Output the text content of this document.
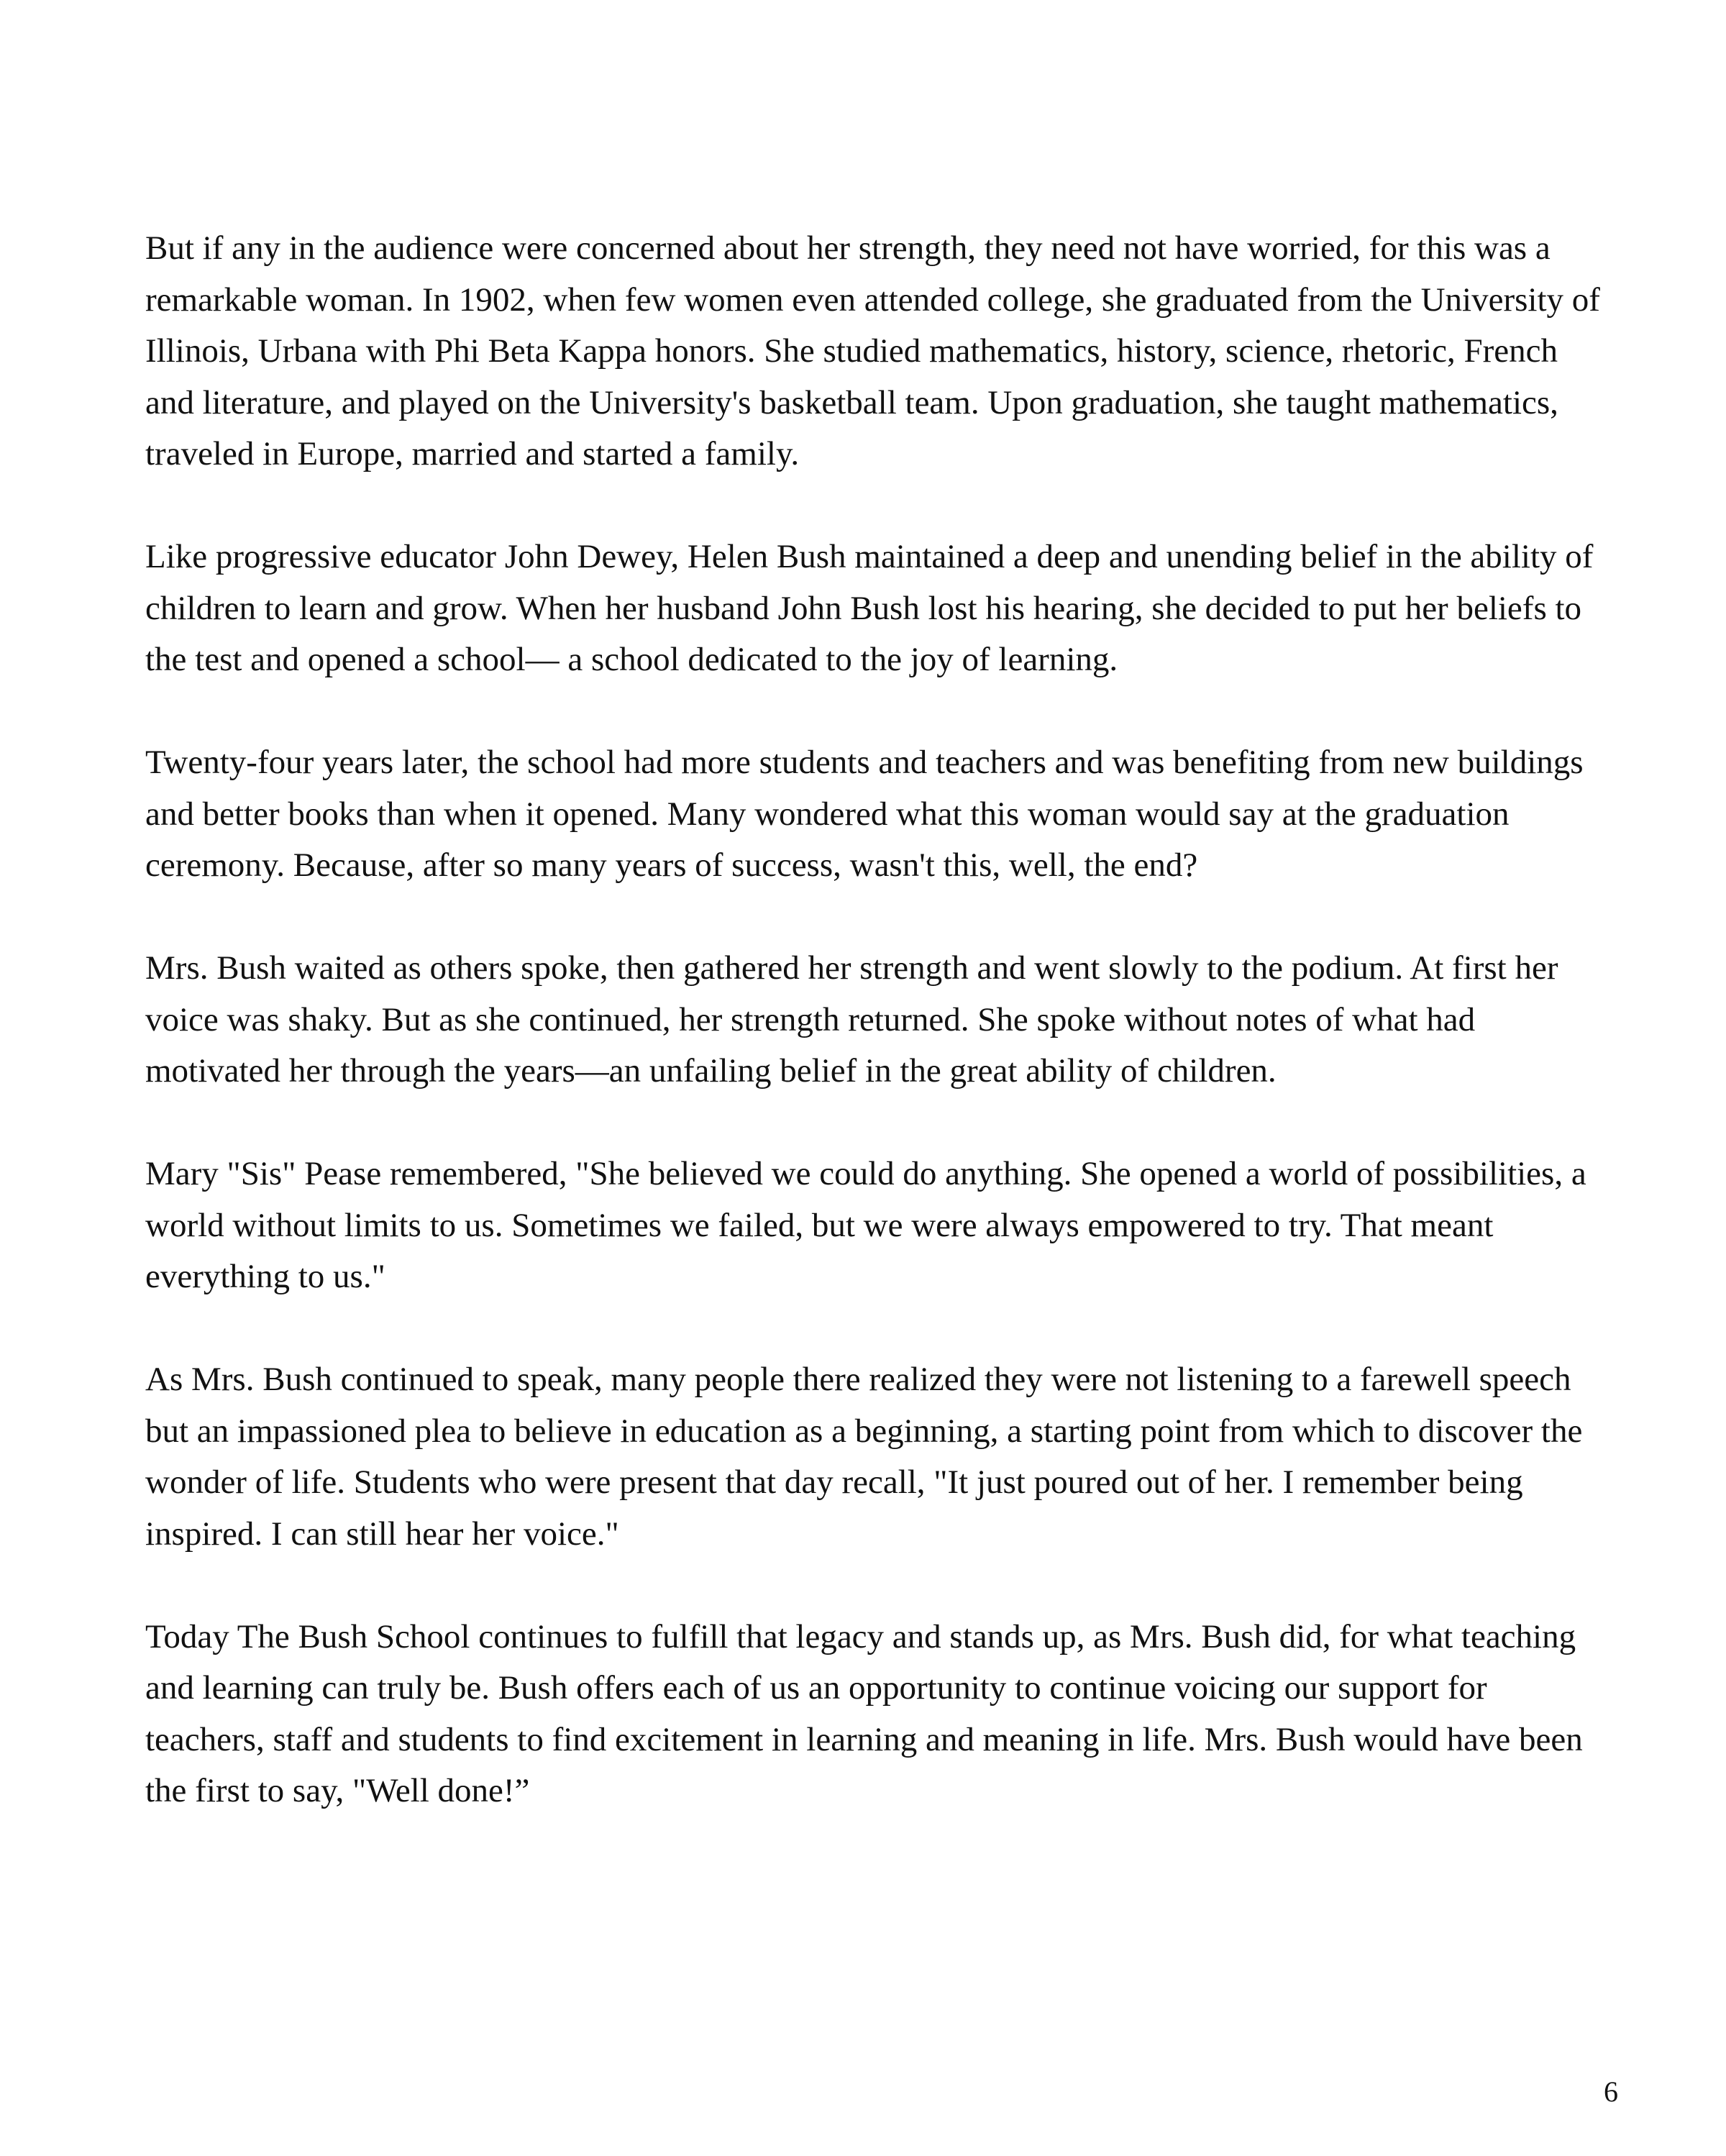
But if any in the audience were concerned about her strength, they need not have worried, for this was a remarkable woman. In 1902, when few women even attended college, she graduated from the University of Illinois, Urbana with Phi Beta Kappa honors. She studied mathematics, history, science, rhetoric, French and literature, and played on the University's basketball team. Upon graduation, she taught mathematics, traveled in Europe, married and started a family.

Like progressive educator John Dewey, Helen Bush maintained a deep and unending belief in the ability of children to learn and grow. When her husband John Bush lost his hearing, she decided to put her beliefs to the test and opened a school— a school dedicated to the joy of learning.

Twenty-four years later, the school had more students and teachers and was benefiting from new buildings and better books than when it opened. Many wondered what this woman would say at the graduation ceremony. Because, after so many years of success, wasn't this, well, the end?

Mrs. Bush waited as others spoke, then gathered her strength and went slowly to the podium. At first her voice was shaky. But as she continued, her strength returned. She spoke without notes of what had motivated her through the years—an unfailing belief in the great ability of children.

Mary "Sis" Pease remembered, "She believed we could do anything. She opened a world of possibilities, a world without limits to us. Sometimes we failed, but we were always empowered to try. That meant everything to us."

As Mrs. Bush continued to speak, many people there realized they were not listening to a farewell speech but an impassioned plea to believe in education as a beginning, a starting point from which to discover the wonder of life. Students who were present that day recall, "It just poured out of her. I remember being inspired. I can still hear her voice."

Today The Bush School continues to fulfill that legacy and stands up, as Mrs. Bush did, for what teaching and learning can truly be. Bush offers each of us an opportunity to continue voicing our support for teachers, staff and students to find excitement in learning and meaning in life. Mrs. Bush would have been the first to say, "Well done!”

6
